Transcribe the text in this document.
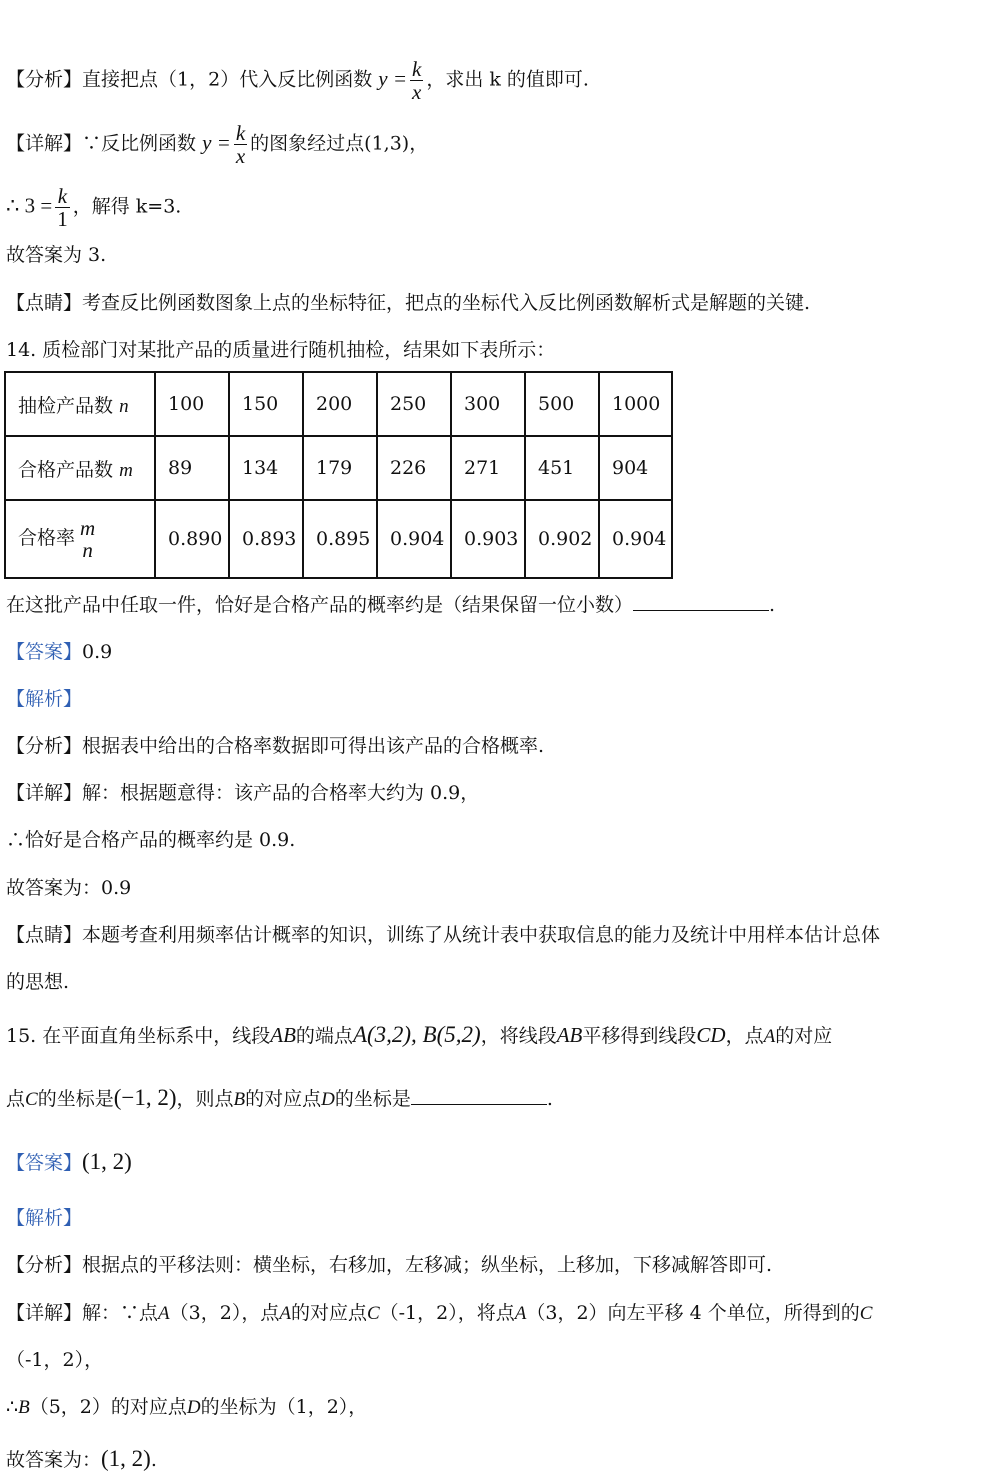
【分析】直接把点（1，2）代入反比例函数 $y = \frac{k}{x}$ ，求出 k 的值即可.
【详解】∵反比例函数 $y = \frac{k}{x}$ 的图象经过点(1,3)，
∴ $3 = \frac{k}{1}$ ，解得 k=3.
故答案为 3.
【点睛】考查反比例函数图象上点的坐标特征，把点的坐标代入反比例函数解析式是解题的关键.
14. 质检部门对某批产品的质量进行随机抽检，结果如下表所示：
抽检产品数 n	100	150	200	250	300	500	1000
合格产品数 m	89	134	179	226	271	451	904
合格率 m
n	0.890	0.893	0.895	0.904	0.903	0.902	0.904
在这批产品中任取一件，恰好是合格产品的概率约是（结果保留一位小数）	.
【答案】0.9
【解析】
【分析】根据表中给出的合格率数据即可得出该产品的合格概率.
【详解】解：根据题意得：该产品的合格率大约为 0.9，
∴恰好是合格产品的概率约是 0.9.
故答案为：0.9
【点睛】本题考查利用频率估计概率的知识，训练了从统计表中获取信息的能力及统计中用样本估计总体
的思想.
15. 在平面直角坐标系中，线段AB的端点A(3,2), B(5,2)，将线段AB平移得到线段CD，点A的对应
点C的坐标是(−1, 2)，则点B的对应点D的坐标是	.
【答案】(1, 2)
【解析】
【分析】根据点的平移法则：横坐标，右移加，左移减；纵坐标，上移加，下移减解答即可.
【详解】解：∵点A（3，2），点A的对应点C（-1，2），将点A（3，2）向左平移 4 个单位，所得到的C
（-1，2），
∴B（5，2）的对应点D的坐标为（1，2），
故答案为：(1, 2).
